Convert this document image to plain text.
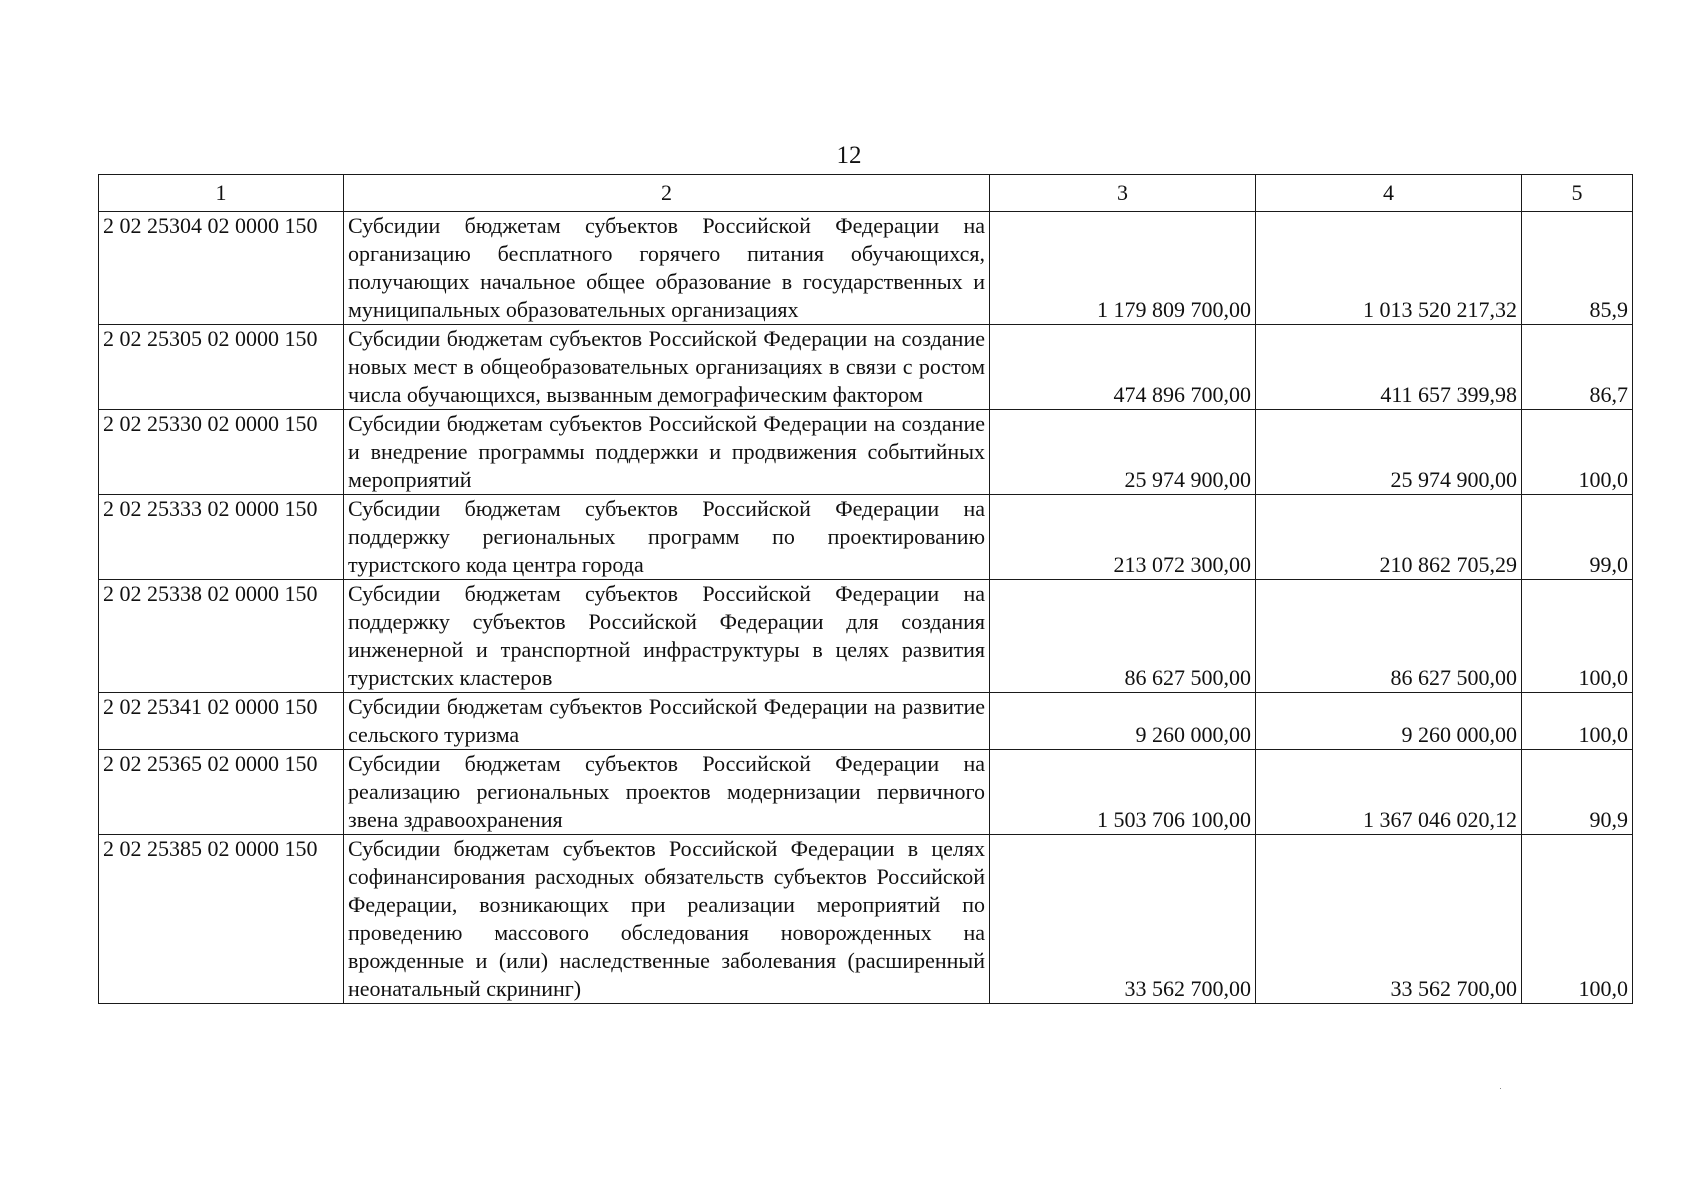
12
1	2	3	4	5
2 02 25304 02 0000 150	Субсидии бюджетам субъектов Российской Федерации на организацию бесплатного горячего питания обучающихся, получающих начальное общее образование в государственных и муниципальных образовательных организациях	1 179 809 700,00	1 013 520 217,32	85,9
2 02 25305 02 0000 150	Субсидии бюджетам субъектов Российской Федерации на создание новых мест в общеобразовательных организациях в связи с ростом числа обучающихся, вызванным демографическим фактором	474 896 700,00	411 657 399,98	86,7
2 02 25330 02 0000 150	Субсидии бюджетам субъектов Российской Федерации на создание и внедрение программы поддержки и продвижения событийных мероприятий	25 974 900,00	25 974 900,00	100,0
2 02 25333 02 0000 150	Субсидии бюджетам субъектов Российской Федерации на поддержку региональных программ по проектированию туристского кода центра города	213 072 300,00	210 862 705,29	99,0
2 02 25338 02 0000 150	Субсидии бюджетам субъектов Российской Федерации на поддержку субъектов Российской Федерации для создания инженерной и транспортной инфраструктуры в целях развития туристских кластеров	86 627 500,00	86 627 500,00	100,0
2 02 25341 02 0000 150	Субсидии бюджетам субъектов Российской Федерации на развитие сельского туризма	9 260 000,00	9 260 000,00	100,0
2 02 25365 02 0000 150	Субсидии бюджетам субъектов Российской Федерации на реализацию региональных проектов модернизации первичного звена здравоохранения	1 503 706 100,00	1 367 046 020,12	90,9
2 02 25385 02 0000 150	Субсидии бюджетам субъектов Российской Федерации в целях софинансирования расходных обязательств субъектов Российской Федерации, возникающих при реализации мероприятий по проведению массового обследования новорожденных на врожденные и (или) наследственные заболевания (расширенный неонатальный скрининг)	33 562 700,00	33 562 700,00	100,0
